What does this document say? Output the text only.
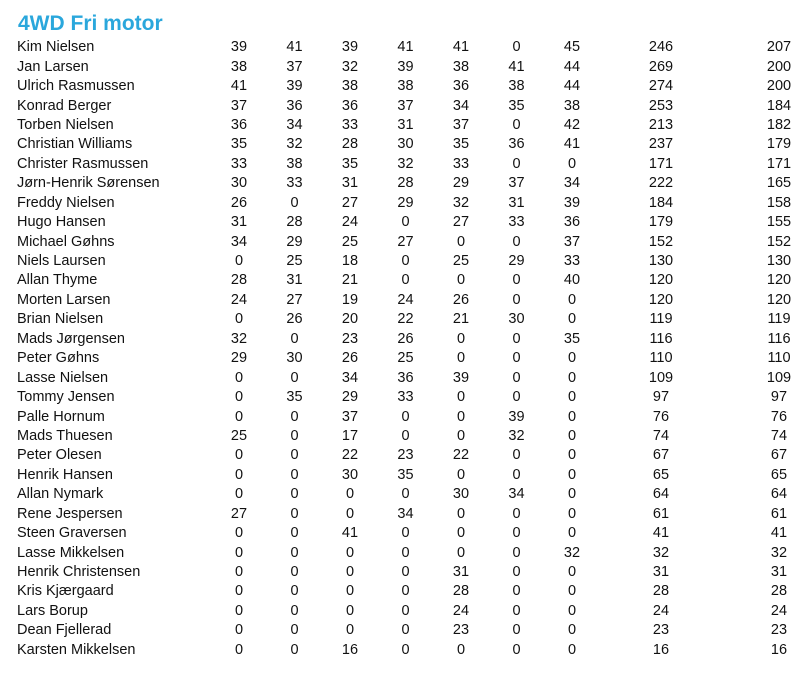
4WD Fri motor
Kim Nielsen	39		41		39		41		41		0		45		246		207
Jan Larsen	38		37		32		39		38		41		44		269		200
Ulrich Rasmussen	41		39		38		38		36		38		44		274		200
Konrad Berger	37		36		36		37		34		35		38		253		184
Torben Nielsen	36		34		33		31		37		0		42		213		182
Christian Williams	35		32		28		30		35		36		41		237		179
Christer Rasmussen	33		38		35		32		33		0		0		171		171
Jørn-Henrik Sørensen	30		33		31		28		29		37		34		222		165
Freddy Nielsen	26		0		27		29		32		31		39		184		158
Hugo Hansen	31		28		24		0		27		33		36		179		155
Michael Gøhns	34		29		25		27		0		0		37		152		152
Niels Laursen	0		25		18		0		25		29		33		130		130
Allan Thyme	28		31		21		0		0		0		40		120		120
Morten Larsen	24		27		19		24		26		0		0		120		120
Brian Nielsen	0		26		20		22		21		30		0		119		119
Mads Jørgensen	32		0		23		26		0		0		35		116		116
Peter Gøhns	29		30		26		25		0		0		0		110		110
Lasse Nielsen	0		0		34		36		39		0		0		109		109
Tommy Jensen	0		35		29		33		0		0		0		97		97
Palle Hornum	0		0		37		0		0		39		0		76		76
Mads Thuesen	25		0		17		0		0		32		0		74		74
Peter Olesen	0		0		22		23		22		0		0		67		67
Henrik Hansen	0		0		30		35		0		0		0		65		65
Allan Nymark	0		0		0		0		30		34		0		64		64
Rene Jespersen	27		0		0		34		0		0		0		61		61
Steen Graversen	0		0		41		0		0		0		0		41		41
Lasse Mikkelsen	0		0		0		0		0		0		32		32		32
Henrik Christensen	0		0		0		0		31		0		0		31		31
Kris Kjærgaard	0		0		0		0		28		0		0		28		28
Lars Borup	0		0		0		0		24		0		0		24		24
Dean Fjellerad	0		0		0		0		23		0		0		23		23
Karsten Mikkelsen	0		0		16		0		0		0		0		16		16
